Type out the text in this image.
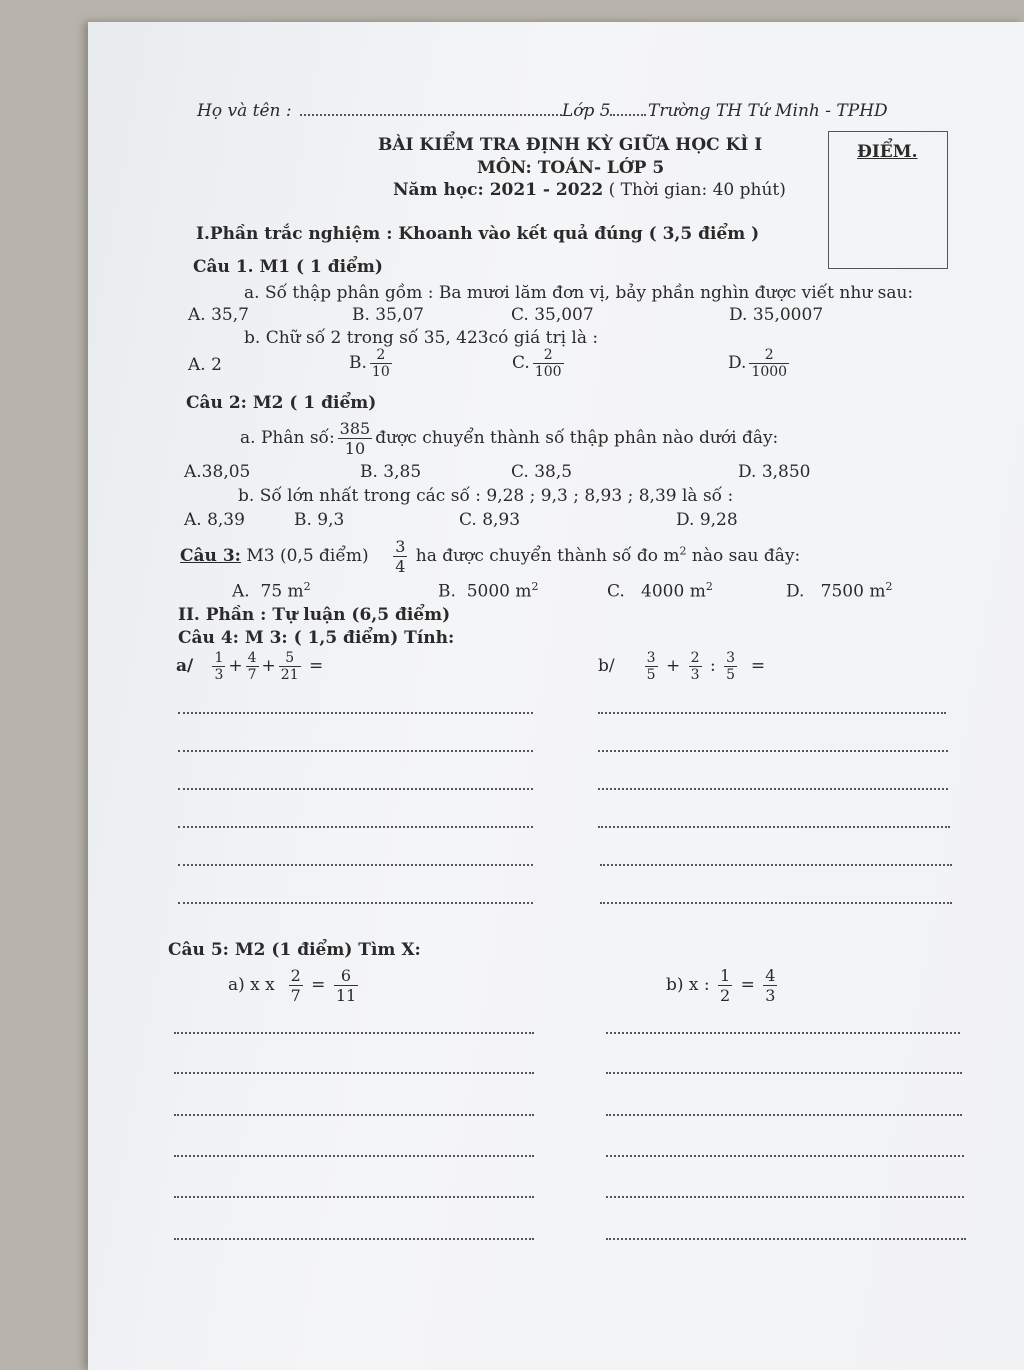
Họ và tên :	Lớp 5 Trường TH Tứ Minh - TPHD
BÀI KIỂM TRA ĐỊNH KỲ GIỮA HỌC KÌ I
MÔN: TOÁN- LỚP 5
Năm học: 2021 - 2022 ( Thời gian: 40 phút)
ĐIỂM.
I.Phần trắc nghiệm : Khoanh vào kết quả đúng ( 3,5 điểm )
Câu 1. M1 ( 1 điểm)
a. Số thập phân gồm : Ba mươi lăm đơn vị, bảy phần nghìn được viết như sau:
A. 35,7	B. 35,07	C. 35,007	D. 35,0007
b. Chữ số 2 trong số 35, 423có giá trị là :
A. 2	B. $\frac{2}{10}$	C. $\frac{2}{100}$	D. $\frac{2}{1000}$
Câu 2: M2 ( 1 điểm)
a. Phân số: $\frac{385}{10}$ được chuyển thành số thập phân nào dưới đây:
A.38,05	B. 3,85	C. 38,5	D. 3,850
b. Số lớn nhất trong các số : 9,28 ; 9,3 ; 8,93 ; 8,39 là số :
A. 8,39	B. 9,3	C. 8,93	D. 9,28
Câu 3: M3 (0,5 điểm) $\frac{3}{4}$ ha được chuyển thành số đo $m^2$ nào sau đây:
A. 75 $m^2$	B. 5000 $m^2$	C. 4000 $m^2$	D. 7500 $m^2$
II. Phần : Tự luận (6,5 điểm)
Câu 4: M 3: ( 1,5 điểm) Tính:
$a/ \frac{1}{3} + \frac{4}{7} + \frac{5}{21}$ =	$b/ \frac{3}{5} + \frac{2}{3}$ : $\frac{3}{5}$ =
Câu 5: M2 (1 điểm) Tìm X:
a) x x $\frac{2}{7} = \frac{6}{11}$	b) x : $\frac{1}{2} = \frac{4}{3}$
